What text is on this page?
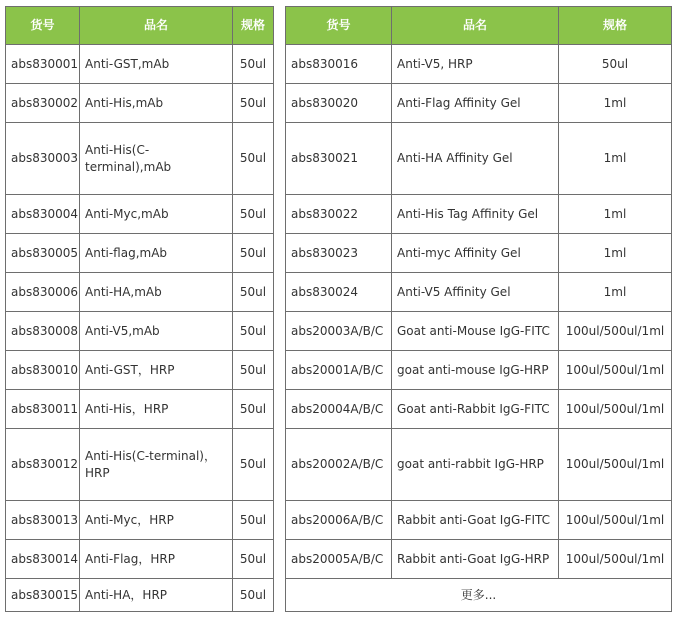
货号	品名	规格
abs830001	Anti-GST,mAb	50ul
abs830002	Anti-His,mAb	50ul
abs830003	Anti-His(C-terminal),mAb	50ul
abs830004	Anti-Myc,mAb	50ul
abs830005	Anti-flag,mAb	50ul
abs830006	Anti-HA,mAb	50ul
abs830008	Anti-V5,mAb	50ul
abs830010	Anti-GST，HRP	50ul
abs830011	Anti-His，HRP	50ul
abs830012	Anti-His(C-terminal)，HRP	50ul
abs830013	Anti-Myc，HRP	50ul
abs830014	Anti-Flag，HRP	50ul
abs830015	Anti-HA，HRP	50ul
货号	品名	规格
abs830016	Anti-V5, HRP	50ul
abs830020	Anti-Flag Affinity Gel	1ml
abs830021	Anti-HA Affinity Gel	1ml
abs830022	Anti-His Tag Affinity Gel	1ml
abs830023	Anti-myc Affinity Gel	1ml
abs830024	Anti-V5 Affinity Gel	1ml
abs20003A/B/C	Goat anti-Mouse IgG-FITC	100ul/500ul/1ml
abs20001A/B/C	goat anti-mouse IgG-HRP	100ul/500ul/1ml
abs20004A/B/C	Goat anti-Rabbit IgG-FITC	100ul/500ul/1ml
abs20002A/B/C	goat anti-rabbit IgG-HRP	100ul/500ul/1ml
abs20006A/B/C	Rabbit anti-Goat IgG-FITC	100ul/500ul/1ml
abs20005A/B/C	Rabbit anti-Goat IgG-HRP	100ul/500ul/1ml
更多...		
